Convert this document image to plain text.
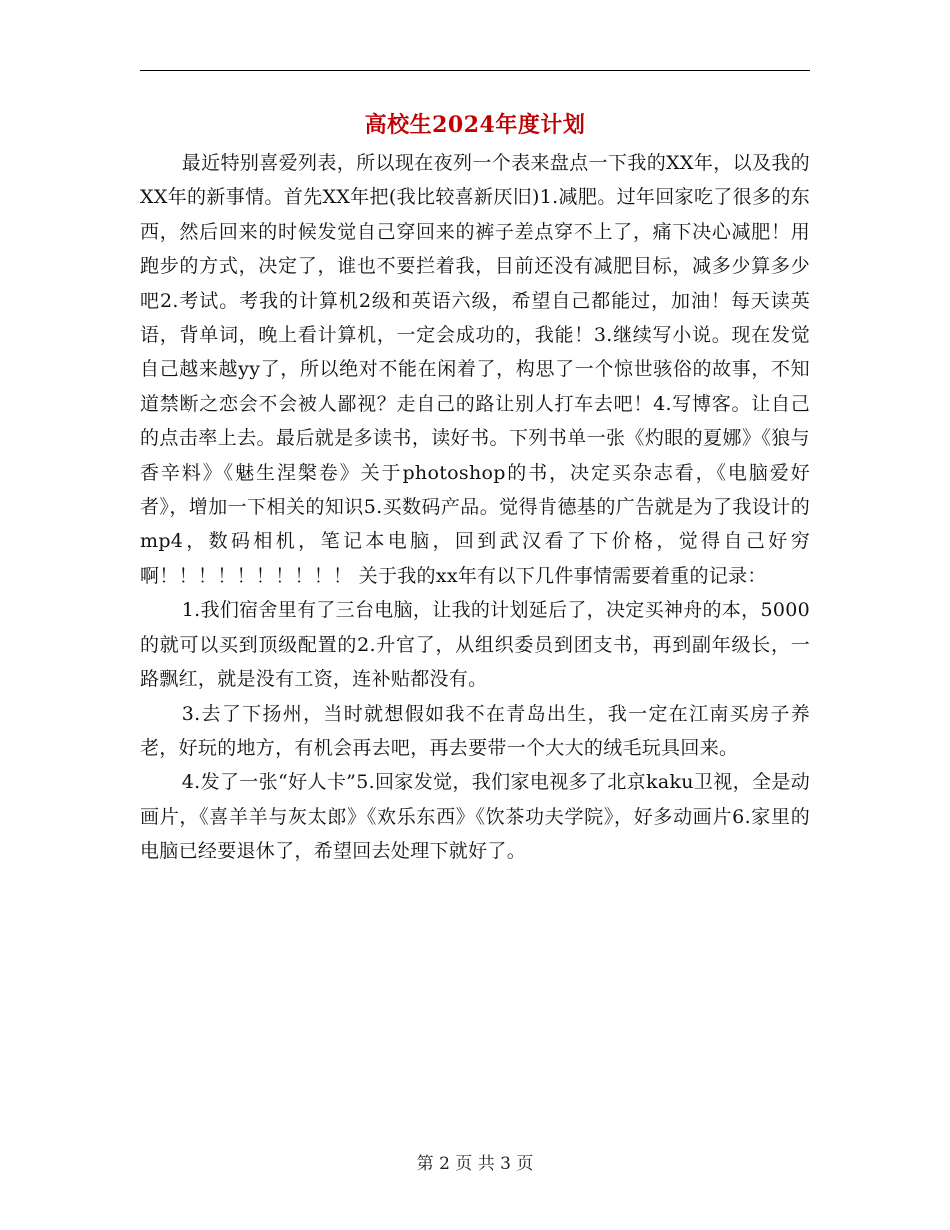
高校生2024年度计划

最近特别喜爱列表，所以现在夜列一个表来盘点一下我的XX年，以及我的XX年的新事情。首先XX年把(我比较喜新厌旧)1.减肥。过年回家吃了很多的东西，然后回来的时候发觉自己穿回来的裤子差点穿不上了，痛下决心减肥！用跑步的方式，决定了，谁也不要拦着我，目前还没有减肥目标，减多少算多少吧2.考试。考我的计算机2级和英语六级，希望自己都能过，加油！每天读英语，背单词，晚上看计算机，一定会成功的，我能！3.继续写小说。现在发觉自己越来越yy了，所以绝对不能在闲着了，构思了一个惊世骇俗的故事，不知道禁断之恋会不会被人鄙视？走自己的路让别人打车去吧！4.写博客。让自己的点击率上去。最后就是多读书，读好书。下列书单一张《灼眼的夏娜》《狼与香辛料》《魅生涅槃卷》关于photoshop的书，决定买杂志看，《电脑爱好者》，增加一下相关的知识5.买数码产品。觉得肯德基的广告就是为了我设计的mp4，数码相机，笔记本电脑，回到武汉看了下价格，觉得自己好穷啊！！！！！！！！！！ 关于我的xx年有以下几件事情需要着重的记录：

1.我们宿舍里有了三台电脑，让我的计划延后了，决定买神舟的本，5000的就可以买到顶级配置的2.升官了，从组织委员到团支书，再到副年级长，一路飘红，就是没有工资，连补贴都没有。

3.去了下扬州，当时就想假如我不在青岛出生，我一定在江南买房子养老，好玩的地方，有机会再去吧，再去要带一个大大的绒毛玩具回来。

4.发了一张“好人卡”5.回家发觉，我们家电视多了北京kaku卫视，全是动画片，《喜羊羊与灰太郎》《欢乐东西》《饮茶功夫学院》，好多动画片6.家里的电脑已经要退休了，希望回去处理下就好了。

第 2 页 共 3 页
